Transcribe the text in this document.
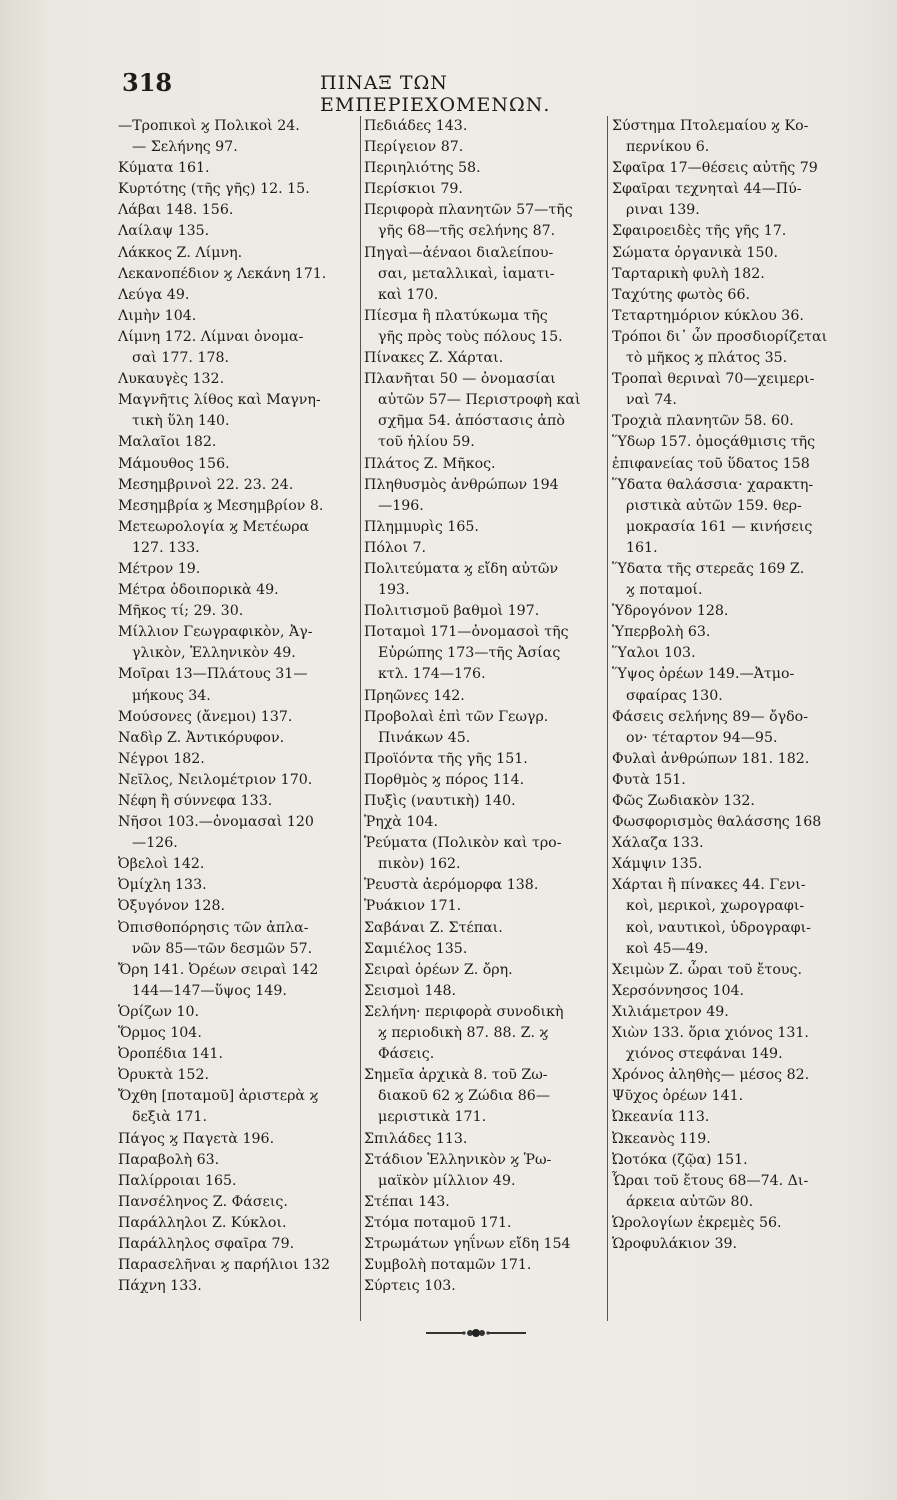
318	ΠΙΝΑΞ ΤΩΝ ΕΜΠΕΡΙΕΧΟΜΕΝΩΝ.

—Τροπικοὶ ϗ Πολικοὶ 24.

— Σελήνης 97.

Κύματα 161.

Κυρτότης (τῆς γῆς) 12. 15.

Λάβαι 148. 156.

Λαίλαψ 135.

Λάκκος Ζ. Λίμνη.

Λεκανοπέδιον ϗ Λεκάνη 171.

Λεύγα 49.

Λιμὴν 104.

Λίμνη 172. Λίμναι ὀνομα-

σαὶ 177. 178.

Λυκαυγὲς 132.

Μαγνῆτις λίθος καὶ Μαγνη-

τικὴ ὕλη 140.

Μαλαῖοι 182.

Μάμουθος 156.

Μεσημβρινοὶ 22. 23. 24.

Μεσημβρία ϗ Μεσημβρίον 8.

Μετεωρολογία ϗ Μετέωρα

127. 133.

Μέτρον 19.

Μέτρα ὁδοιπορικὰ 49.

Μῆκος τί; 29. 30.

Μίλλιον Γεωγραφικὸν, Ἀγ-

γλικὸν, Ἑλληνικὸν 49.

Μοῖραι 13—Πλάτους 31—

μήκους 34.

Μούσονες (ἄνεμοι) 137.

Ναδὶρ Ζ. Ἀντικόρυφον.

Νέγροι 182.

Νεῖλος, Νειλομέτριον 170.

Νέφη ἢ σύννεφα 133.

Νῆσοι 103.—ὀνομασαὶ 120

—126.

Ὀβελοὶ 142.

Ὀμίχλη 133.

Ὀξυγόνον 128.

Ὀπισθοπόρησις τῶν ἀπλα-

νῶν 85—τῶν δεσμῶν 57.

Ὄρη 141. Ὀρέων σειραὶ 142

144—147—ὕψος 149.

Ὁρίζων 10.

Ὅρμος 104.

Ὀροπέδια 141.

Ὀρυκτὰ 152.

Ὄχθη [ποταμοῦ] ἀριστερὰ ϗ

δεξιὰ 171.

Πάγος ϗ Παγετὰ 196.

Παραβολὴ 63.

Παλίρροιαι 165.

Πανσέληνος Ζ. Φάσεις.

Παράλληλοι Ζ. Κύκλοι.

Παράλληλος σφαῖρα 79.

Παρασελῆναι ϗ παρήλιοι 132

Πάχνη 133.

Πεδιάδες 143.

Περίγειον 87.

Περιηλιότης 58.

Περίσκιοι 79.

Περιφορὰ πλανητῶν 57—τῆς

γῆς 68—τῆς σελήνης 87.

Πηγαὶ—ἀέναοι διαλείπου-

σαι, μεταλλικαὶ, ἰαματι-

καὶ 170.

Πίεσμα ἢ πλατύκωμα τῆς

γῆς πρὸς τοὺς πόλους 15.

Πίνακες Ζ. Χάρται.

Πλανῆται 50 — ὀνομασίαι

αὐτῶν 57— Περιστροφὴ καὶ

σχῆμα 54. ἀπόστασις ἀπὸ

τοῦ ἡλίου 59.

Πλάτος Ζ. Μῆκος.

Πληθυσμὸς ἀνθρώπων 194

—196.

Πλημμυρὶς 165.

Πόλοι 7.

Πολιτεύματα ϗ εἴδη αὐτῶν

193.

Πολιτισμοῦ βαθμοὶ 197.

Ποταμοὶ 171—ὀνομασοὶ τῆς

Εὐρώπης 173—τῆς Ἀσίας

κτλ. 174—176.

Πρηῶνες 142.

Προβολαὶ ἐπὶ τῶν Γεωγρ.

Πινάκων 45.

Προϊόντα τῆς γῆς 151.

Πορθμὸς ϗ πόρος 114.

Πυξὶς (ναυτικὴ) 140.

Ῥηχὰ 104.

Ῥεύματα (Πολικὸν καὶ τρο-

πικὸν) 162.

Ῥευστὰ ἀερόμορφα 138.

Ῥυάκιον 171.

Σαβάναι Ζ. Στέπαι.

Σαμιέλος 135.

Σειραὶ ὀρέων Ζ. ὄρη.

Σεισμοὶ 148.

Σελήνη· περιφορὰ συνοδικὴ

ϗ περιοδικὴ 87. 88. Ζ. ϗ

Φάσεις.

Σημεῖα ἀρχικὰ 8. τοῦ Ζω-

διακοῦ 62 ϗ Ζώδια 86—

μεριστικὰ 171.

Σπιλάδες 113.

Στάδιον Ἑλληνικὸν ϗ Ῥω-

μαϊκὸν μίλλιον 49.

Στέπαι 143.

Στόμα ποταμοῦ 171.

Στρωμάτων γηΐνων εἴδη 154

Συμβολὴ ποταμῶν 171.

Σύρτεις 103.

Σύστημα Πτολεμαίου ϗ Κο-

περνίκου 6.

Σφαῖρα 17—θέσεις αὐτῆς 79

Σφαῖραι τεχνηταὶ 44—Πύ-

ριναι 139.

Σφαιροειδὲς τῆς γῆς 17.

Σώματα ὀργανικὰ 150.

Ταρταρικὴ φυλὴ 182.

Ταχύτης φωτὸς 66.

Τεταρτημόριον κύκλου 36.

Τρόποι δι᾽ ὧν προσδιορίζεται

τὸ μῆκος ϗ πλάτος 35.

Τροπαὶ θεριναὶ 70—χειμερι-

ναὶ 74.

Τροχιὰ πλανητῶν 58. 60.

Ὕδωρ 157. ὁμοςάθμισις τῆς

ἐπιφανείας τοῦ ὕδατος 158

Ὕδατα θαλάσσια· χαρακτη-

ριστικὰ αὐτῶν 159. θερ-

μοκρασία 161 — κινήσεις

161.

Ὕδατα τῆς στερεᾶς 169 Ζ.

ϗ ποταμοί.

Ὑδρογόνον 128.

Ὑπερβολὴ 63.

Ὕαλοι 103.

Ὕψος ὀρέων 149.—Ἀτμο-

σφαίρας 130.

Φάσεις σελήνης 89— ὄγδο-

ον· τέταρτον 94—95.

Φυλαὶ ἀνθρώπων 181. 182.

Φυτὰ 151.

Φῶς Ζωδιακὸν 132.

Φωσφορισμὸς θαλάσσης 168

Χάλαζα 133.

Χάμψιν 135.

Χάρται ἢ πίνακες 44. Γενι-

κοὶ, μερικοὶ, χωρογραφι-

κοὶ, ναυτικοὶ, ὑδρογραφι-

κοὶ 45—49.

Χειμὼν Ζ. ὧραι τοῦ ἔτους.

Χερσόννησος 104.

Χιλιάμετρον 49.

Χιὼν 133. ὅρια χιόνος 131.

χιόνος στεφάναι 149.

Χρόνος ἀληθὴς— μέσος 82.

Ψῦχος ὀρέων 141.

Ὠκεανία 113.

Ὠκεανὸς 119.

Ὠοτόκα (ζῷα) 151.

Ὧραι τοῦ ἔτους 68—74. Δι-

άρκεια αὐτῶν 80.

Ὡρολογίων ἐκρεμὲς 56.

Ὡροφυλάκιον 39.
